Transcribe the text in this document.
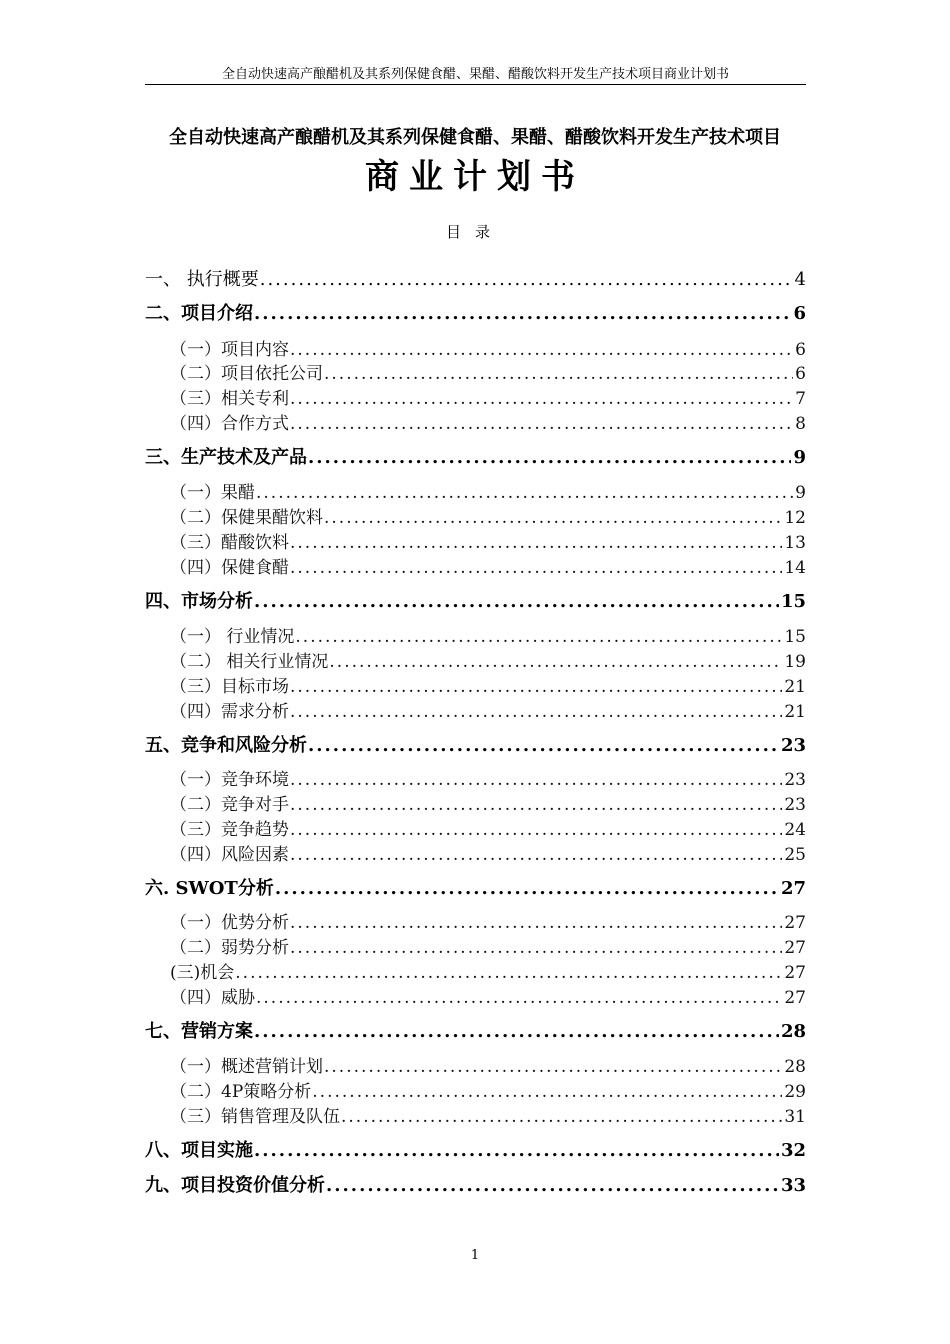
全自动快速高产酿醋机及其系列保健食醋、果醋、醋酸饮料开发生产技术项目商业计划书
全自动快速高产酿醋机及其系列保健食醋、果醋、醋酸饮料开发生产技术项目
商业计划书
目录
一、 执行概要 .....	4
二、项目介绍 .....	6
（一）项目内容 .....	6
（二）项目依托公司 .....	6
（三）相关专利 .....	7
（四）合作方式 .....	8
三、生产技术及产品 .....	9
（一）果醋 .....	9
（二）保健果醋饮料 .....	12
（三）醋酸饮料 .....	13
（四）保健食醋 .....	14
四、市场分析 .....	15
（一） 行业情况 .....	15
（二） 相关行业情况 .....	19
（三）目标市场 .....	21
（四）需求分析 .....	21
五、竞争和风险分析 .....	23
（一）竞争环境 .....	23
（二）竞争对手 .....	23
（三）竞争趋势 .....	24
（四）风险因素 .....	25
六. SWOT分析 .....	27
（一）优势分析 .....	27
（二）弱势分析 .....	27
(三)机会 .....	27
（四）威胁 .....	27
七、营销方案 .....	28
（一）概述营销计划 .....	28
（二）4P策略分析 .....	29
（三）销售管理及队伍 .....	31
八、项目实施 .....	32
九、项目投资价值分析 .....	33
1
